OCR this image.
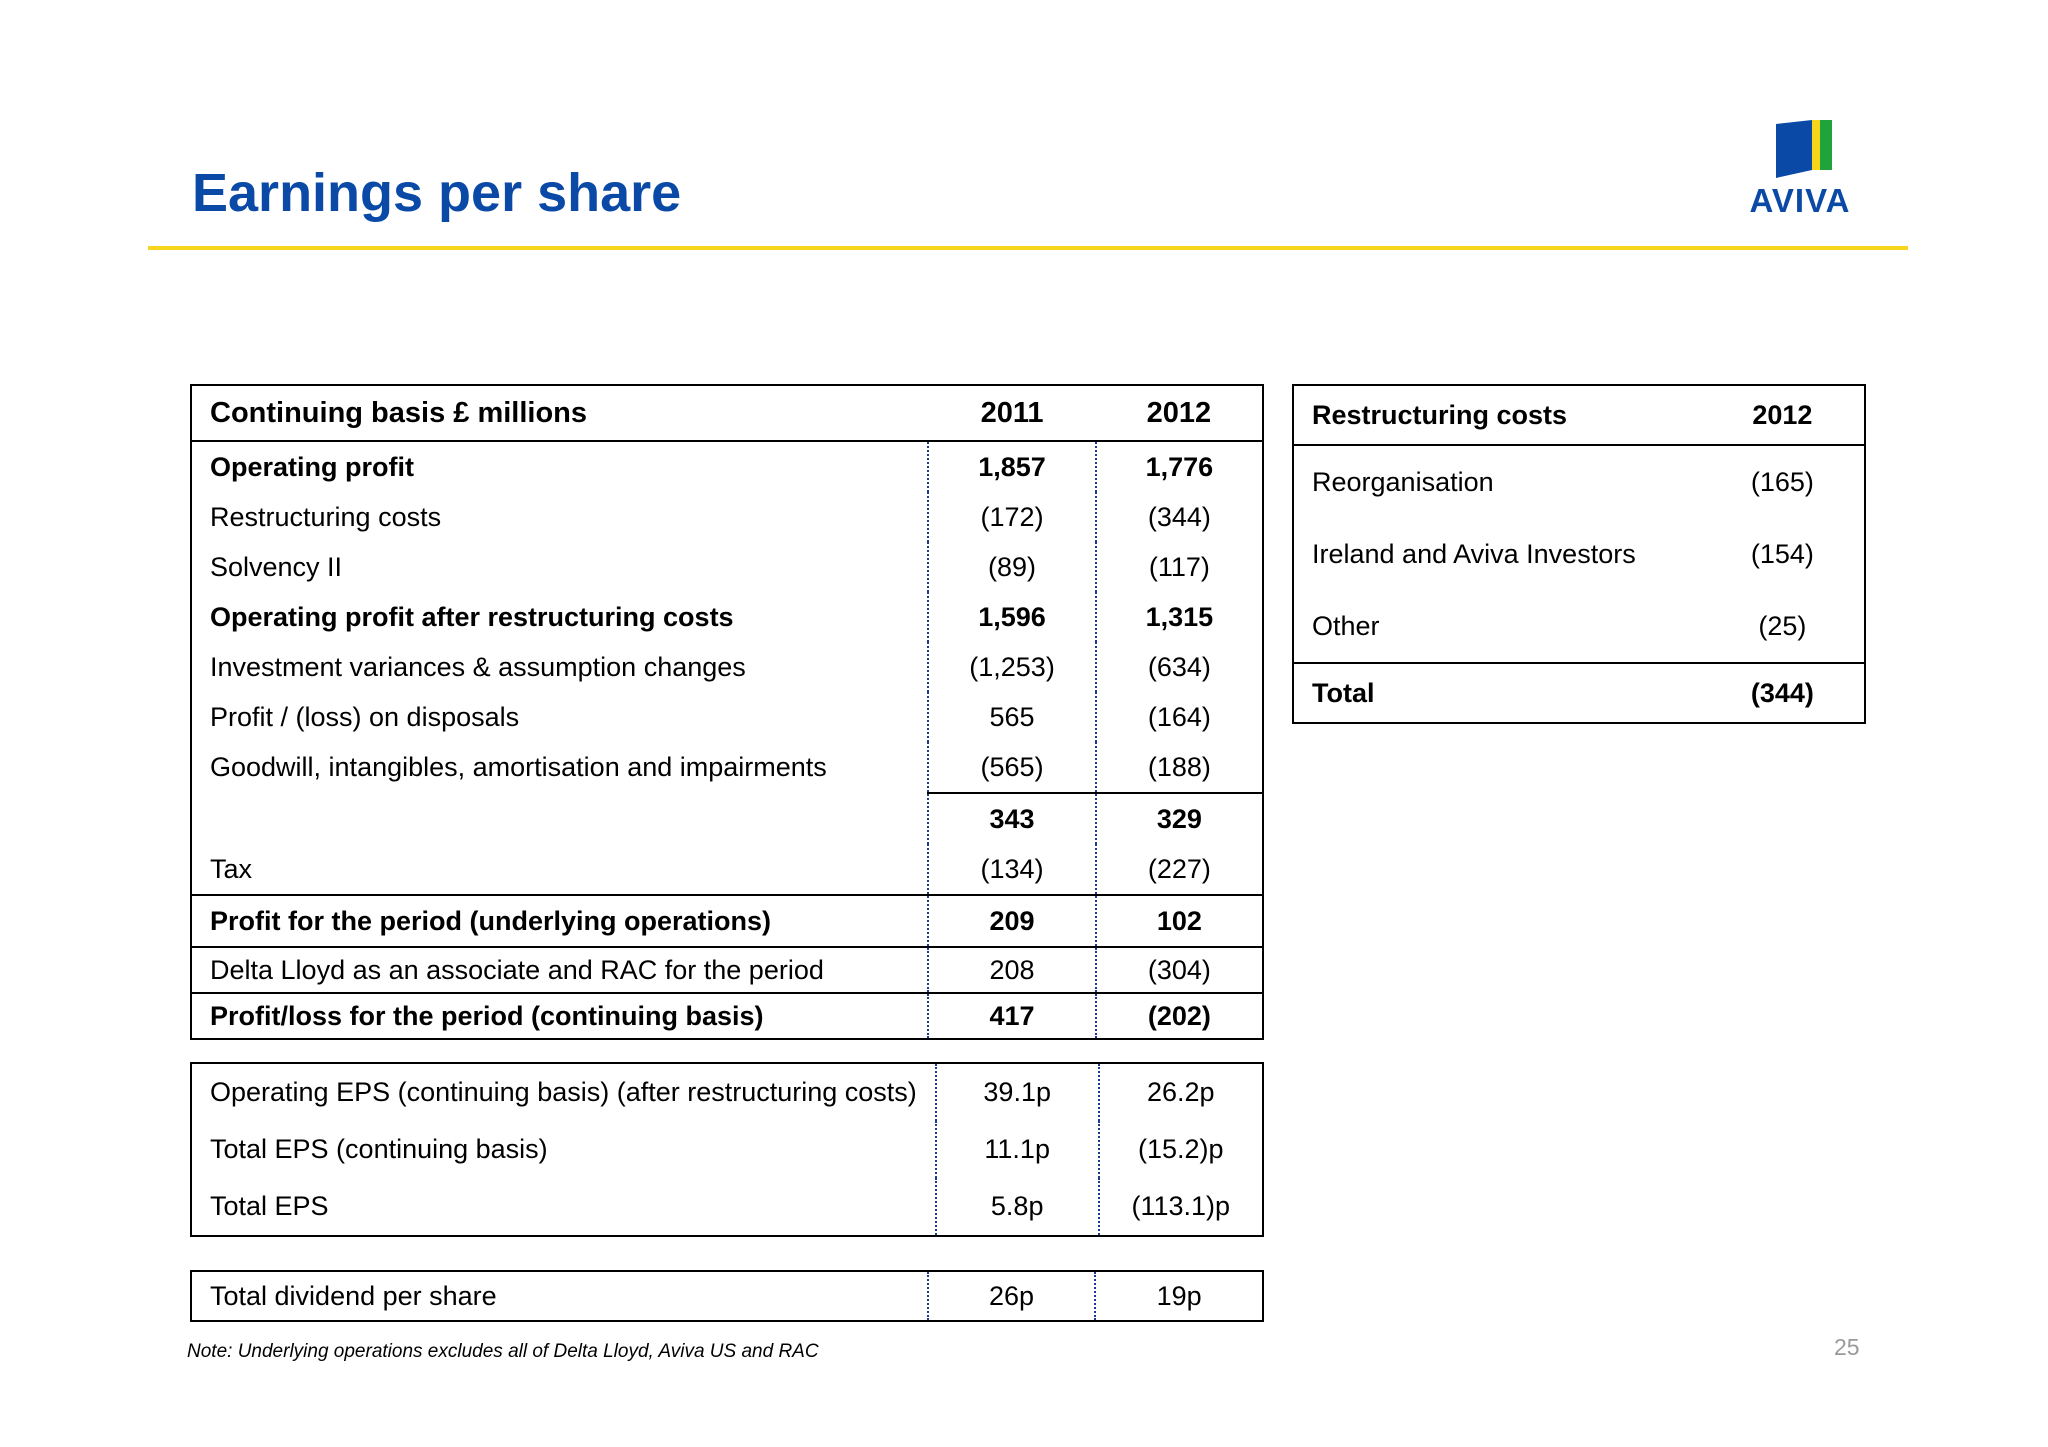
Earnings per share	AVIVA
Continuing basis £ millions	2011	2012
Operating profit	1,857	1,776
Restructuring costs	(172)	(344)
Solvency II	(89)	(117)
Operating profit after restructuring costs	1,596	1,315
Investment variances & assumption changes	(1,253)	(634)
Profit / (loss) on disposals	565	(164)
Goodwill, intangibles, amortisation and impairments	(565)	(188)
	343	329
Tax	(134)	(227)
Profit for the period (underlying operations)	209	102
Delta Lloyd as an associate and RAC for the period	208	(304)
Profit/loss for the period (continuing basis)	417	(202)
Operating EPS (continuing basis) (after restructuring costs)	39.1p	26.2p
Total EPS (continuing basis)	11.1p	(15.2)p
Total EPS	5.8p	(113.1)p
Total dividend per share	26p	19p
Restructuring costs	2012
Reorganisation	(165)
Ireland and Aviva Investors	(154)
Other	(25)
Total	(344)
Note: Underlying operations excludes all of Delta Lloyd, Aviva US and RAC	25
